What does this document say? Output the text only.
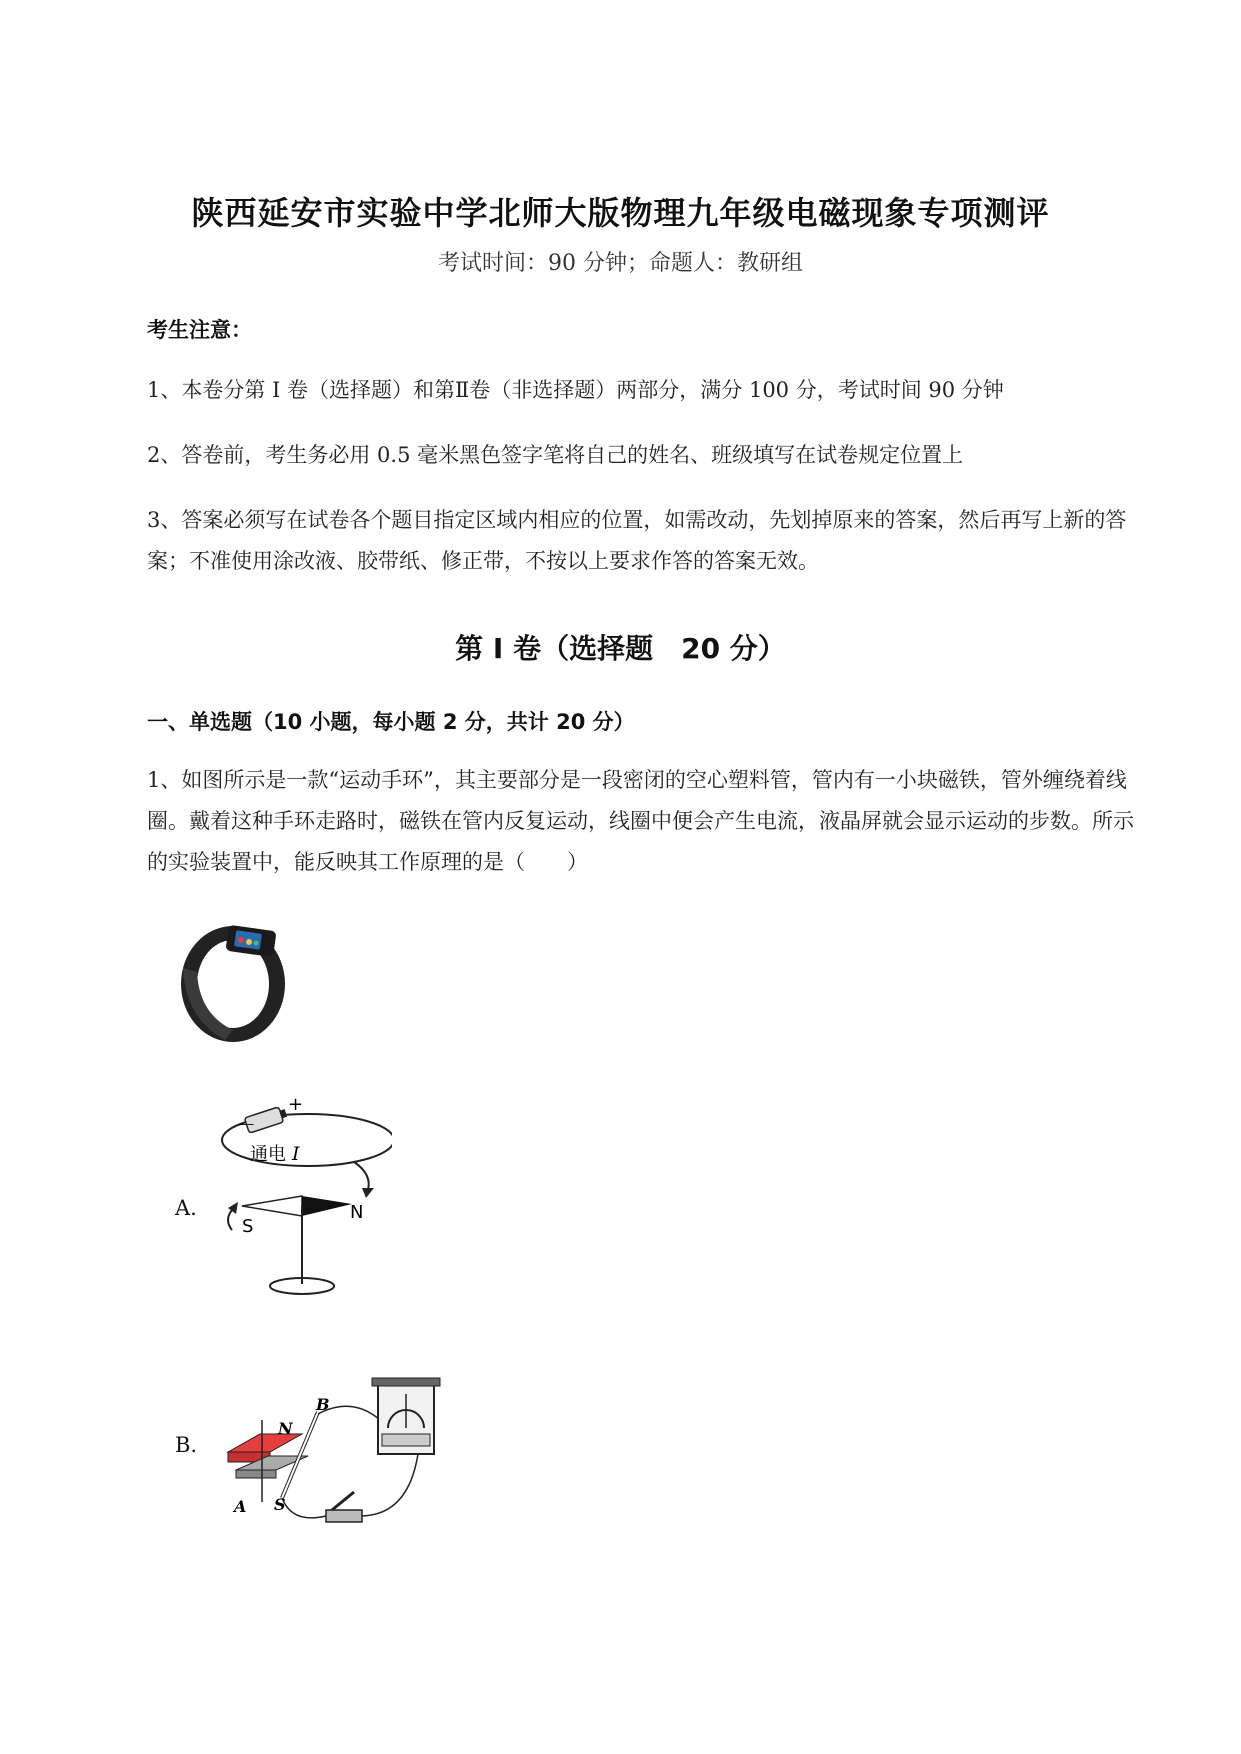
陕西延安市实验中学北师大版物理九年级电磁现象专项测评
考试时间：90 分钟；命题人：教研组
考生注意：
1、本卷分第 I 卷（选择题）和第Ⅱ卷（非选择题）两部分，满分 100 分，考试时间 90 分钟
2、答卷前，考生务必用 0.5 毫米黑色签字笔将自己的姓名、班级填写在试卷规定位置上
3、答案必须写在试卷各个题目指定区域内相应的位置，如需改动，先划掉原来的答案，然后再写上新的答案；不准使用涂改液、胶带纸、修正带，不按以上要求作答的答案无效。
第 I 卷（选择题　20 分）
一、单选题（10 小题，每小题 2 分，共计 20 分）
1、如图所示是一款“运动手环”，其主要部分是一段密闭的空心塑料管，管内有一小块磁铁，管外缠绕着线圈。戴着这种手环走路时，磁铁在管内反复运动，线圈中便会产生电流，液晶屏就会显示运动的步数。所示的实验装置中，能反映其工作原理的是（　　）
A.
－
+
通电 I
S
N
B.
N
S
A
B
